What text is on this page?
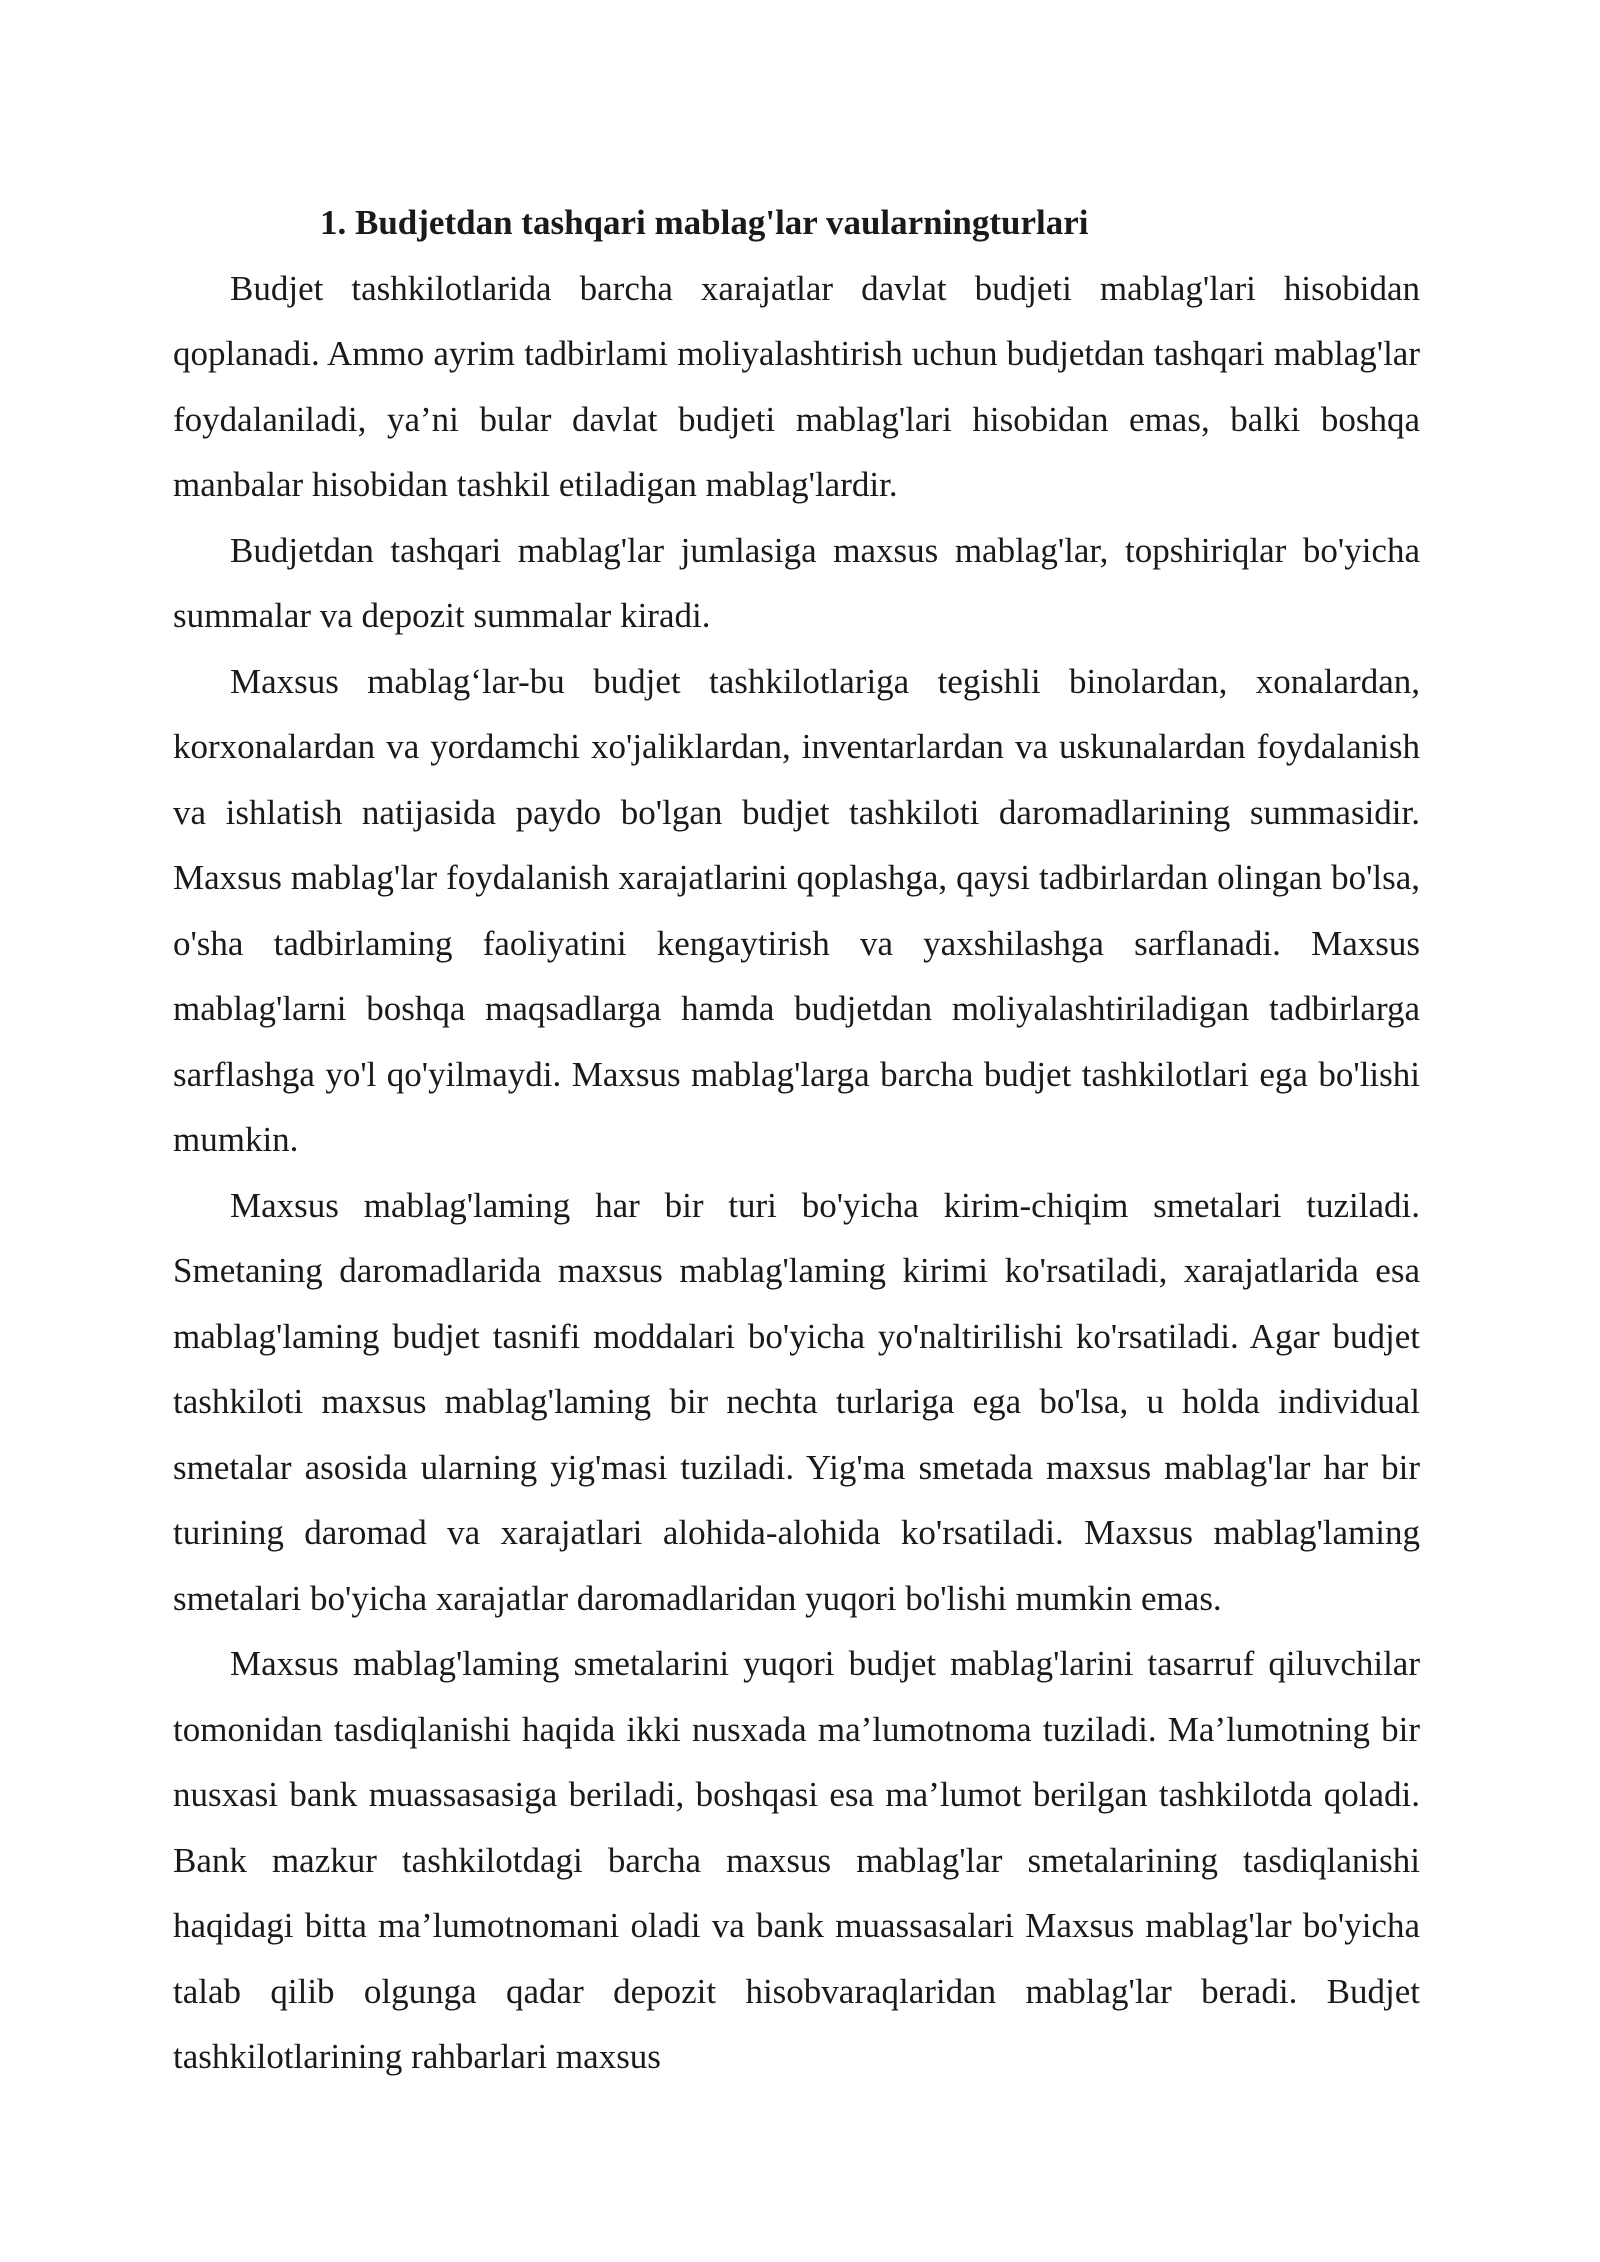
1. Budjetdan tashqari mablag'lar vaularningturlari

Budjet tashkilotlarida barcha xarajatlar davlat budjeti mablag'lari hisobidan qoplanadi. Ammo ayrim tadbirlami moliyalashtirish uchun budjetdan tashqari mablag'lar foydalaniladi, ya’ni bular davlat budjeti mablag'lari hisobidan emas, balki boshqa manbalar hisobidan tashkil etiladigan mablag'lardir.

Budjetdan tashqari mablag'lar jumlasiga maxsus mablag'lar, topshiriqlar bo'yicha summalar va depozit summalar kiradi.

Maxsus mablag‘lar-bu budjet tashkilotlariga tegishli binolardan, xonalardan, korxonalardan va yordamchi xo'jaliklardan, inventarlardan va uskunalardan foydalanish va ishlatish natijasida paydo bo'lgan budjet tashkiloti daromadlarining summasidir. Maxsus mablag'lar foydalanish xarajatlarini qoplashga, qaysi tadbirlardan olingan bo'lsa, o'sha tadbirlaming faoliyatini kengaytirish va yaxshilashga sarflanadi. Maxsus mablag'larni boshqa maqsadlarga hamda budjetdan moliyalashtiriladigan tadbirlarga sarflashga yo'l qo'yilmaydi. Maxsus mablag'larga barcha budjet tashkilotlari ega bo'lishi mumkin.

Maxsus mablag'laming har bir turi bo'yicha kirim-chiqim smetalari tuziladi. Smetaning daromadlarida maxsus mablag'laming kirimi ko'rsatiladi, xarajatlarida esa mablag'laming budjet tasnifi moddalari bo'yicha yo'naltirilishi ko'rsatiladi. Agar budjet tashkiloti maxsus mablag'laming bir nechta turlariga ega bo'lsa, u holda individual smetalar asosida ularning yig'masi tuziladi. Yig'ma smetada maxsus mablag'lar har bir turining daromad va xarajatlari alohida-alohida ko'rsatiladi. Maxsus mablag'laming smetalari bo'yicha xarajatlar daromadlaridan yuqori bo'lishi mumkin emas.

Maxsus mablag'laming smetalarini yuqori budjet mablag'larini tasarruf qiluvchilar tomonidan tasdiqlanishi haqida ikki nusxada ma’lumotnoma tuziladi. Ma’lumotning bir nusxasi bank muassasasiga beriladi, boshqasi esa ma’lumot berilgan tashkilotda qoladi. Bank mazkur tashkilotdagi barcha maxsus mablag'lar smetalarining tasdiqlanishi haqidagi bitta ma’lumotnomani oladi va bank muassasalari Maxsus mablag'lar bo'yicha talab qilib olgunga qadar depozit hisobvaraqlaridan mablag'lar beradi. Budjet tashkilotlarining rahbarlari maxsus
